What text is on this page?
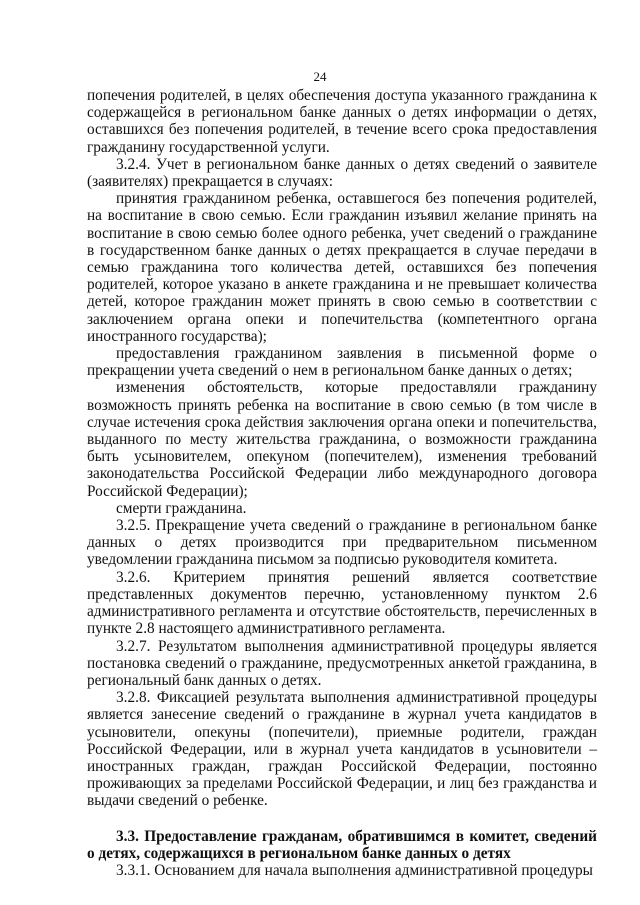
24

попечения родителей, в целях обеспечения доступа указанного гражданина к содержащейся в региональном банке данных о детях информации о детях, оставшихся без попечения родителей, в течение всего срока предоставления гражданину государственной услуги.

3.2.4. Учет в региональном банке данных о детях сведений о заявителе (заявителях) прекращается в случаях:

принятия гражданином ребенка, оставшегося без попечения родителей, на воспитание в свою семью. Если гражданин изъявил желание принять на воспитание в свою семью более одного ребенка, учет сведений о гражданине в государственном банке данных о детях прекращается в случае передачи в семью гражданина того количества детей, оставшихся без попечения родителей, которое указано в анкете гражданина и не превышает количества детей, которое гражданин может принять в свою семью в соответствии с заключением органа опеки и попечительства (компетентного органа иностранного государства);

предоставления гражданином заявления в письменной форме о прекращении учета сведений о нем в региональном банке данных о детях;

изменения обстоятельств, которые предоставляли гражданину возможность принять ребенка на воспитание в свою семью (в том числе в случае истечения срока действия заключения органа опеки и попечительства, выданного по месту жительства гражданина, о возможности гражданина быть усыновителем, опекуном (попечителем), изменения требований законодательства Российской Федерации либо международного договора Российской Федерации);

смерти гражданина.

3.2.5. Прекращение учета сведений о гражданине в региональном банке данных о детях производится при предварительном письменном уведомлении гражданина письмом за подписью руководителя комитета.

3.2.6. Критерием принятия решений является соответствие представленных документов перечню, установленному пунктом 2.6 административного регламента и отсутствие обстоятельств, перечисленных в пункте 2.8 настоящего административного регламента.

3.2.7. Результатом выполнения административной процедуры является постановка сведений о гражданине, предусмотренных анкетой гражданина, в региональный банк данных о детях.

3.2.8. Фиксацией результата выполнения административной процедуры является занесение сведений о гражданине в журнал учета кандидатов в усыновители, опекуны (попечители), приемные родители, граждан Российской Федерации, или в журнал учета кандидатов в усыновители – иностранных граждан, граждан Российской Федерации, постоянно проживающих за пределами Российской Федерации, и лиц без гражданства и выдачи сведений о ребенке.

3.3. Предоставление гражданам, обратившимся в комитет, сведений о детях, содержащихся в региональном банке данных о детях

3.3.1. Основанием для начала выполнения административной процедуры
